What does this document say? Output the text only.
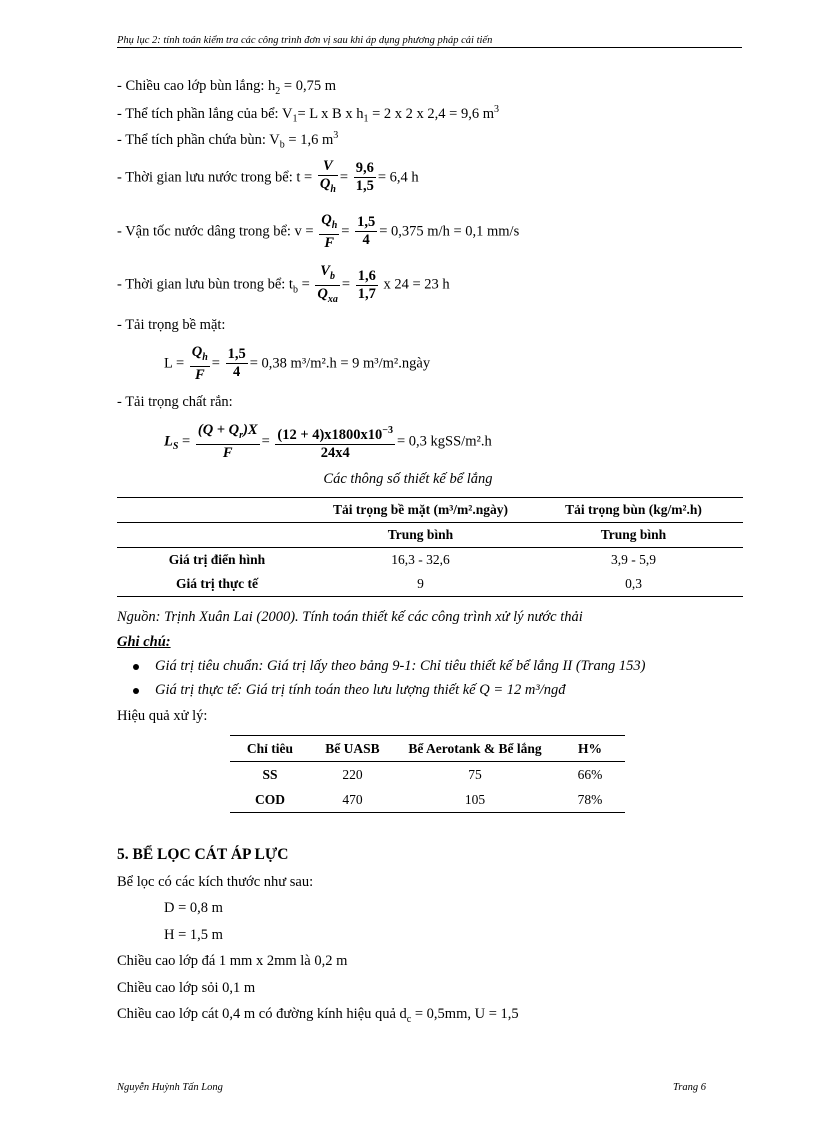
Phụ lục 2: tính toán kiểm tra các công trình đơn vị sau khi áp dụng phương pháp cải tiến
- Chiều cao lớp bùn lắng: $h_2 = 0,75$ m
- Thể tích phần lắng của bể: $V_1= L$ x B x $h_1 = 2$ x 2 x 2,4 = 9,6 $m^3$
- Thể tích phần chứa bùn: $V_b = 1,6$ $m^3$
- Thời gian lưu nước trong bể: $t = \frac{V}{Q_h} = \frac{9,6}{1,5} = 6,4$ h
- Vận tốc nước dâng trong bể: $v = \frac{Q_h}{F} = \frac{1,5}{4} = 0,375$ m/h = 0,1 mm/s
- Thời gian lưu bùn trong bể: $t_b = \frac{V_b}{Q_{xa}} = \frac{1,6}{1,7}$ x 24 = 23 h
- Tải trọng bề mặt:
$L = \frac{Q_h}{F} = \frac{1,5}{4} = 0,38$ m³/m².h = 9 m³/m².ngày
- Tải trọng chất rắn:
$L_S = \frac{(Q + Q_r)X}{F} = \frac{(12 + 4)x1800x10^{-3}}{24x4} = 0,3$ kgSS/m².h
Các thông số thiết kế bể lắng
	Tải trọng bề mặt (m³/m².ngày)	Tải trọng bùn (kg/m².h)
	Trung bình	Trung bình
Giá trị điển hình	16,3 - 32,6	3,9 - 5,9
Giá trị thực tế	9	0,3
Nguồn: Trịnh Xuân Lai (2000). Tính toán thiết kế các công trình xử lý nước thải
Ghi chú:
Giá trị tiêu chuẩn: Giá trị lấy theo bảng 9-1: Chỉ tiêu thiết kế bể lắng II (Trang 153)
Giá trị thực tế: Giá trị tính toán theo lưu lượng thiết kế Q = 12 m³/ngđ
Hiệu quả xử lý:
Chỉ tiêu	Bể UASB	Bể Aerotank & Bể lắng	H%
SS	220	75	66%
COD	470	105	78%
5. BỂ LỌC CÁT ÁP LỰC
Bể lọc có các kích thước như sau:
D = 0,8 m
H = 1,5 m
Chiều cao lớp đá 1 mm x 2mm là 0,2 m
Chiều cao lớp sỏi 0,1 m
Chiều cao lớp cát 0,4 m có đường kính hiệu quả $d_c = 0,5mm$, U = 1,5
Nguyễn Huỳnh Tấn Long	Trang 6
